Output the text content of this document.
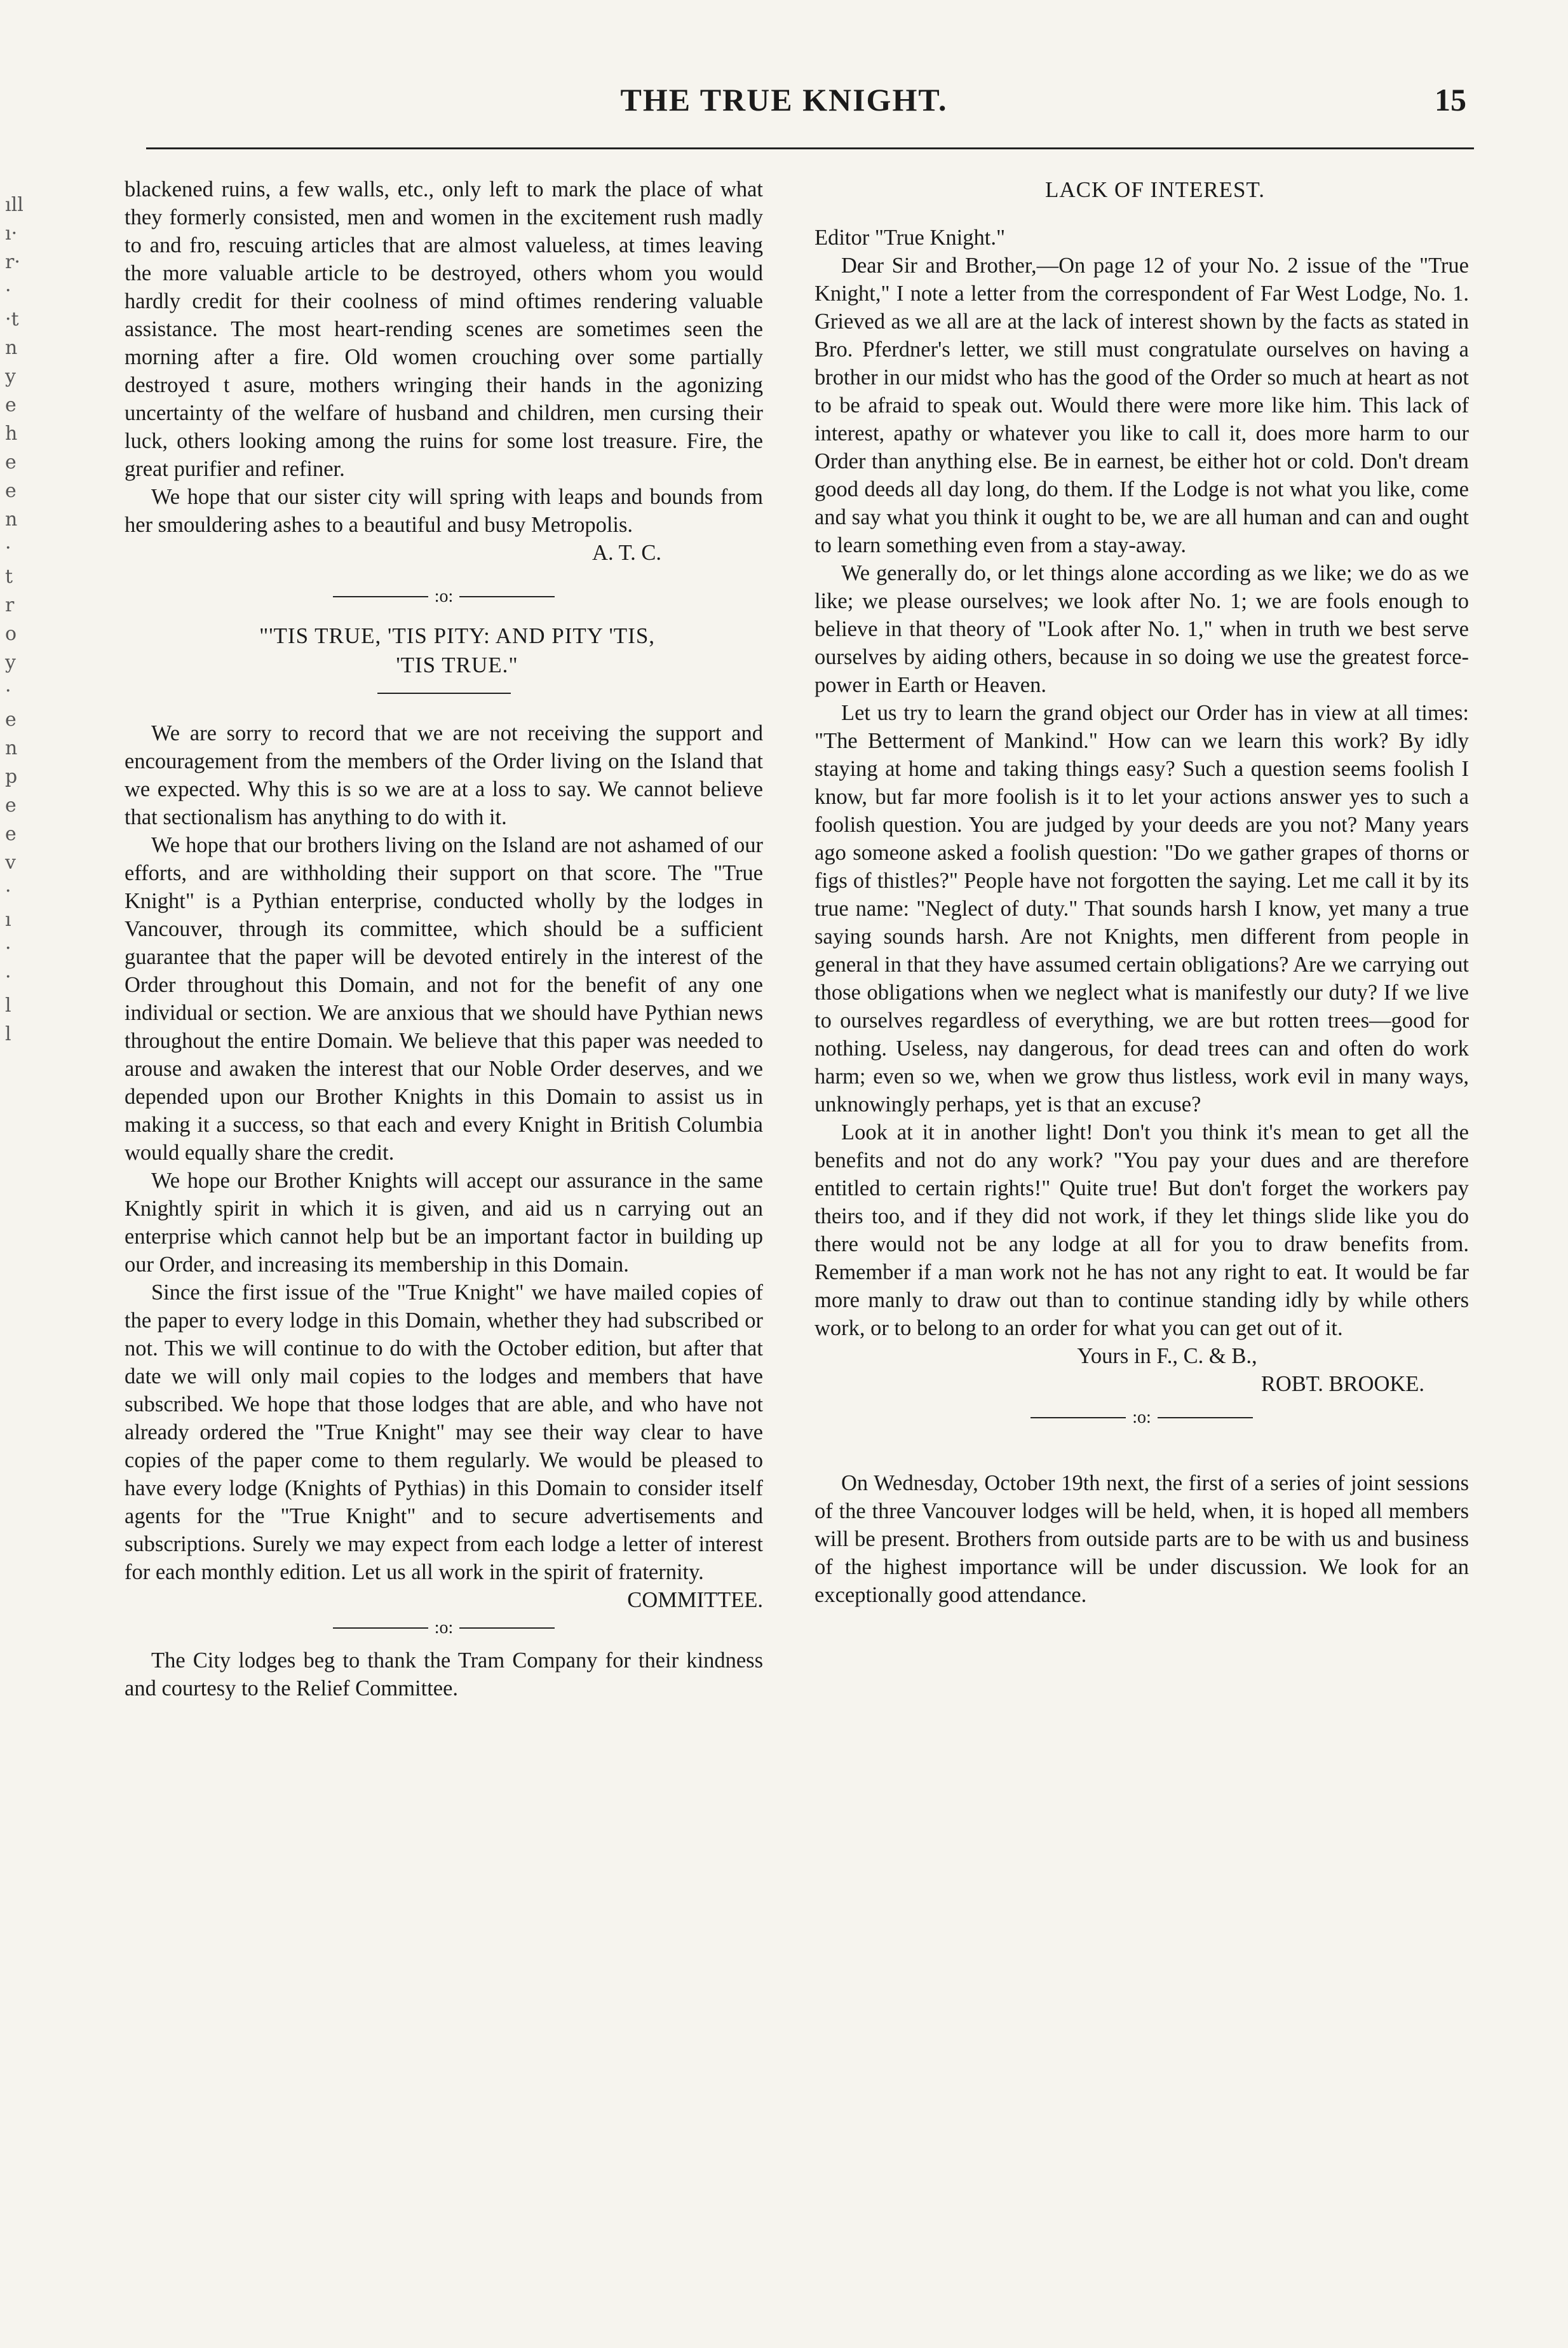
THE TRUE KNIGHT.	15
ıll
ı·
r·
·
·t
n
y
e
h
e
e
n
·
t
r
o
y
·
e
n
p
e
e
v
·
ı
·
·
l
l

blackened ruins, a few walls, etc., only left to mark the place of what they formerly consisted, men and women in the excitement rush madly to and fro, rescuing articles that are almost valueless, at times leaving the more valuable article to be destroyed, others whom you would hardly credit for their coolness of mind oftimes rendering valuable assistance. The most heart-rending scenes are sometimes seen the morning after a fire. Old women crouching over some partially destroyed t asure, mothers wringing their hands in the agonizing uncertainty of the welfare of husband and children, men cursing their luck, others looking among the ruins for some lost treasure. Fire, the great purifier and refiner.

We hope that our sister city will spring with leaps and bounds from her smouldering ashes to a beautiful and busy Metropolis.

A. T. C.

:o:

"'TIS TRUE, 'TIS PITY: AND PITY 'TIS,

'TIS TRUE."

We are sorry to record that we are not receiving the support and encouragement from the members of the Order living on the Island that we expected. Why this is so we are at a loss to say. We cannot believe that sectionalism has anything to do with it.

We hope that our brothers living on the Island are not ashamed of our efforts, and are withholding their support on that score. The "True Knight" is a Pythian enterprise, conducted wholly by the lodges in Vancouver, through its committee, which should be a sufficient guarantee that the paper will be devoted entirely in the interest of the Order throughout this Domain, and not for the benefit of any one individual or section. We are anxious that we should have Pythian news throughout the entire Domain. We believe that this paper was needed to arouse and awaken the interest that our Noble Order deserves, and we depended upon our Brother Knights in this Domain to assist us in making it a success, so that each and every Knight in British Columbia would equally share the credit.

We hope our Brother Knights will accept our assurance in the same Knightly spirit in which it is given, and aid us n carrying out an enterprise which cannot help but be an important factor in building up our Order, and increasing its membership in this Domain.

Since the first issue of the "True Knight" we have mailed copies of the paper to every lodge in this Domain, whether they had subscribed or not. This we will continue to do with the October edition, but after that date we will only mail copies to the lodges and members that have subscribed. We hope that those lodges that are able, and who have not already ordered the "True Knight" may see their way clear to have copies of the paper come to them regularly. We would be pleased to have every lodge (Knights of Pythias) in this Domain to consider itself agents for the "True Knight" and to secure advertisements and subscriptions. Surely we may expect from each lodge a letter of interest for each monthly edition. Let us all work in the spirit of fraternity.

COMMITTEE.

:o:

The City lodges beg to thank the Tram Company for their kindness and courtesy to the Relief Committee.

LACK OF INTEREST.

Editor "True Knight."

Dear Sir and Brother,—On page 12 of your No. 2 issue of the "True Knight," I note a letter from the correspondent of Far West Lodge, No. 1. Grieved as we all are at the lack of interest shown by the facts as stated in Bro. Pferdner's letter, we still must congratulate ourselves on having a brother in our midst who has the good of the Order so much at heart as not to be afraid to speak out. Would there were more like him. This lack of interest, apathy or whatever you like to call it, does more harm to our Order than anything else. Be in earnest, be either hot or cold. Don't dream good deeds all day long, do them. If the Lodge is not what you like, come and say what you think it ought to be, we are all human and can and ought to learn something even from a stay-away.

We generally do, or let things alone according as we like; we do as we like; we please ourselves; we look after No. 1; we are fools enough to believe in that theory of "Look after No. 1," when in truth we best serve ourselves by aiding others, because in so doing we use the greatest force-power in Earth or Heaven.

Let us try to learn the grand object our Order has in view at all times: "The Betterment of Mankind." How can we learn this work? By idly staying at home and taking things easy? Such a question seems foolish I know, but far more foolish is it to let your actions answer yes to such a foolish question. You are judged by your deeds are you not? Many years ago someone asked a foolish question: "Do we gather grapes of thorns or figs of thistles?" People have not forgotten the saying. Let me call it by its true name: "Neglect of duty." That sounds harsh I know, yet many a true saying sounds harsh. Are not Knights, men different from people in general in that they have assumed certain obligations? Are we carrying out those obligations when we neglect what is manifestly our duty? If we live to ourselves regardless of everything, we are but rotten trees—good for nothing. Useless, nay dangerous, for dead trees can and often do work harm; even so we, when we grow thus listless, work evil in many ways, unknowingly perhaps, yet is that an excuse?

Look at it in another light! Don't you think it's mean to get all the benefits and not do any work? "You pay your dues and are therefore entitled to certain rights!" Quite true! But don't forget the workers pay theirs too, and if they did not work, if they let things slide like you do there would not be any lodge at all for you to draw benefits from. Remember if a man work not he has not any right to eat. It would be far more manly to draw out than to continue standing idly by while others work, or to belong to an order for what you can get out of it.

Yours in F., C. & B.,

ROBT. BROOKE.

:o:

On Wednesday, October 19th next, the first of a series of joint sessions of the three Vancouver lodges will be held, when, it is hoped all members will be present. Brothers from outside parts are to be with us and business of the highest importance will be under discussion. We look for an exceptionally good attendance.
